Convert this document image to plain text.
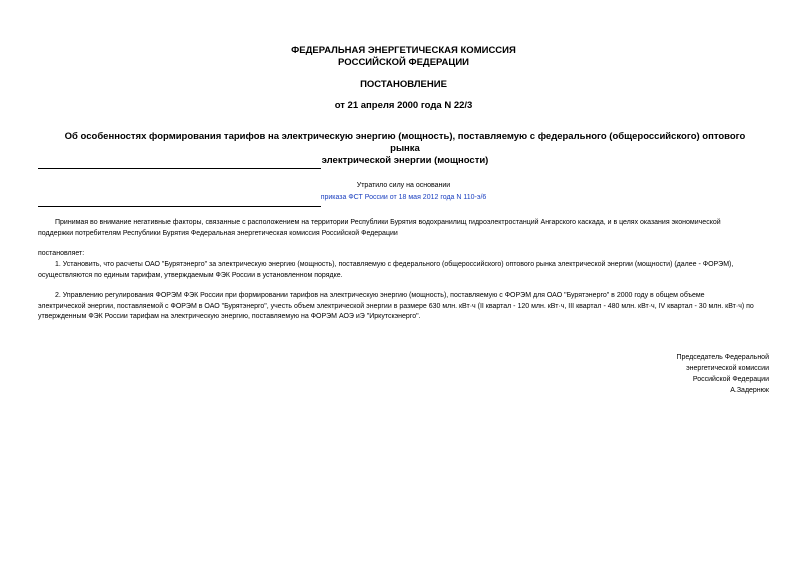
ФЕДЕРАЛЬНАЯ ЭНЕРГЕТИЧЕСКАЯ КОМИССИЯ
РОССИЙСКОЙ ФЕДЕРАЦИИ
ПОСТАНОВЛЕНИЕ
от 21 апреля 2000 года N 22/3
Об особенностях формирования тарифов на электрическую энергию (мощность), поставляемую с федерального (общероссийского) оптового рынка
электрической энергии (мощности)
Утратило силу на основании
приказа ФСТ России от 18 мая 2012 года N 110-э/6
Принимая во внимание негативные факторы, связанные с расположением на территории Республики Бурятия водохранилищ гидроэлектростанций Ангарского каскада, и в целях оказания экономической
поддержки потребителям Республики Бурятия Федеральная энергетическая комиссия Российской Федерации
постановляет:
1. Установить, что расчеты ОАО "Бурятэнерго" за электрическую энергию (мощность), поставляемую с федерального (общероссийского) оптового рынка электрической энергии (мощности) (далее - ФОРЭМ),
осуществляются по единым тарифам, утверждаемым ФЭК России в установленном порядке.
2. Управлению регулирования ФОРЭМ ФЭК России при формировании тарифов на электрическую энергию (мощность), поставляемую с ФОРЭМ для ОАО "Бурятэнерго" в 2000 году в общем объеме
электрической энергии, поставляемой с ФОРЭМ в ОАО "Бурятэнерго", учесть объем электрической энергии в размере 630 млн. кВт·ч (II квартал - 120 млн. кВт·ч, III квартал - 480 млн. кВт·ч, IV квартал - 30 млн. кВт·ч) по
утвержденным ФЭК России тарифам на электрическую энергию, поставляемую на ФОРЭМ АОЭ иЭ "Иркутскэнерго".
Председатель Федеральной
энергетической комиссии
Российской Федерации
А.Задернюк
